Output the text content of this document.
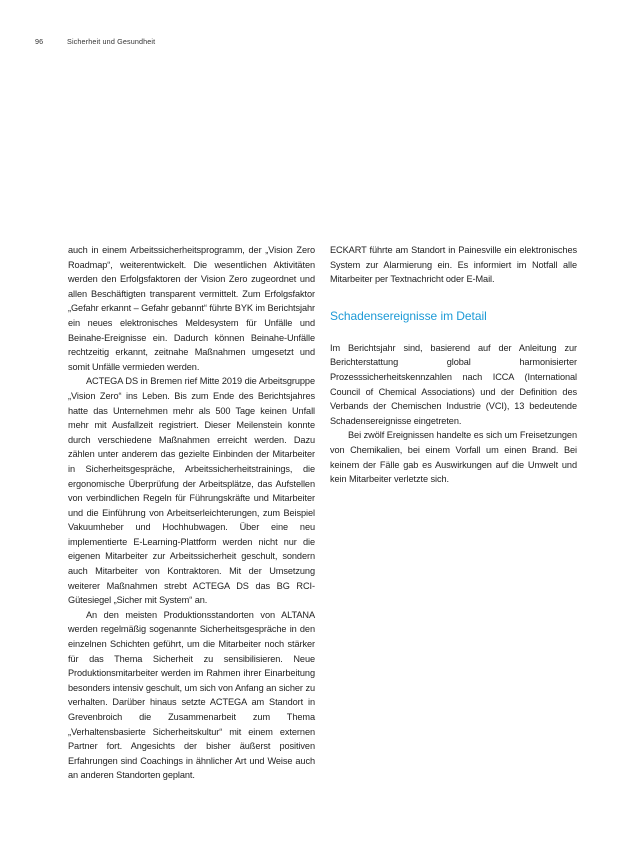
96	Sicherheit und Gesundheit

auch in einem Arbeitssicherheitsprogramm, der „Vision Zero Roadmap“, weiterentwickelt. Die wesentlichen Aktivitäten werden den Erfolgsfaktoren der Vision Zero zugeordnet und allen Beschäftigten transparent vermittelt. Zum Erfolgsfaktor „Gefahr erkannt – Gefahr gebannt“ führte BYK im Berichtsjahr ein neues elektronisches Meldesystem für Unfälle und Beinahe-Ereignisse ein. Dadurch können Beinahe-Unfälle rechtzeitig erkannt, zeitnahe Maßnahmen umgesetzt und somit Unfälle vermieden werden.

ACTEGA DS in Bremen rief Mitte 2019 die Arbeitsgruppe „Vision Zero“ ins Leben. Bis zum Ende des Berichtsjahres hatte das Unternehmen mehr als 500 Tage keinen Unfall mehr mit Ausfallzeit registriert. Dieser Meilenstein konnte durch verschiedene Maßnahmen erreicht werden. Dazu zählen unter anderem das gezielte Einbinden der Mitarbeiter in Sicherheitsgespräche, Arbeitssicherheitstrainings, die ergonomische Überprüfung der Arbeitsplätze, das Aufstellen von verbindlichen Regeln für Führungskräfte und Mitarbeiter und die Einführung von Arbeitserleichterungen, zum Beispiel Vakuumheber und Hochhubwagen. Über eine neu implementierte E-Learning-Plattform werden nicht nur die eigenen Mitarbeiter zur Arbeitssicherheit geschult, sondern auch Mitarbeiter von Kontraktoren. Mit der Umsetzung weiterer Maßnahmen strebt ACTEGA DS das BG RCI-Gütesiegel „Sicher mit System“ an.

An den meisten Produktionsstandorten von ALTANA werden regelmäßig sogenannte Sicherheitsgespräche in den einzelnen Schichten geführt, um die Mitarbeiter noch stärker für das Thema Sicherheit zu sensibilisieren. Neue Produktionsmitarbeiter werden im Rahmen ihrer Einarbeitung besonders intensiv geschult, um sich von Anfang an sicher zu verhalten. Darüber hinaus setzte ACTEGA am Standort in Grevenbroich die Zusammenarbeit zum Thema „Verhaltensbasierte Sicherheitskultur“ mit einem externen Partner fort. Angesichts der bisher äußerst positiven Erfahrungen sind Coachings in ähnlicher Art und Weise auch an anderen Standorten geplant.

ECKART führte am Standort in Painesville ein elektronisches System zur Alarmierung ein. Es informiert im Notfall alle Mitarbeiter per Textnachricht oder E-Mail.

Schadensereignisse im Detail

Im Berichtsjahr sind, basierend auf der Anleitung zur Berichterstattung global harmonisierter Prozesssicherheitskennzahlen nach ICCA (International Council of Chemical Associations) und der Definition des Verbands der Chemischen Industrie (VCI), 13 bedeutende Schadensereignisse eingetreten.

Bei zwölf Ereignissen handelte es sich um Freisetzungen von Chemikalien, bei einem Vorfall um einen Brand. Bei keinem der Fälle gab es Auswirkungen auf die Umwelt und kein Mitarbeiter verletzte sich.
